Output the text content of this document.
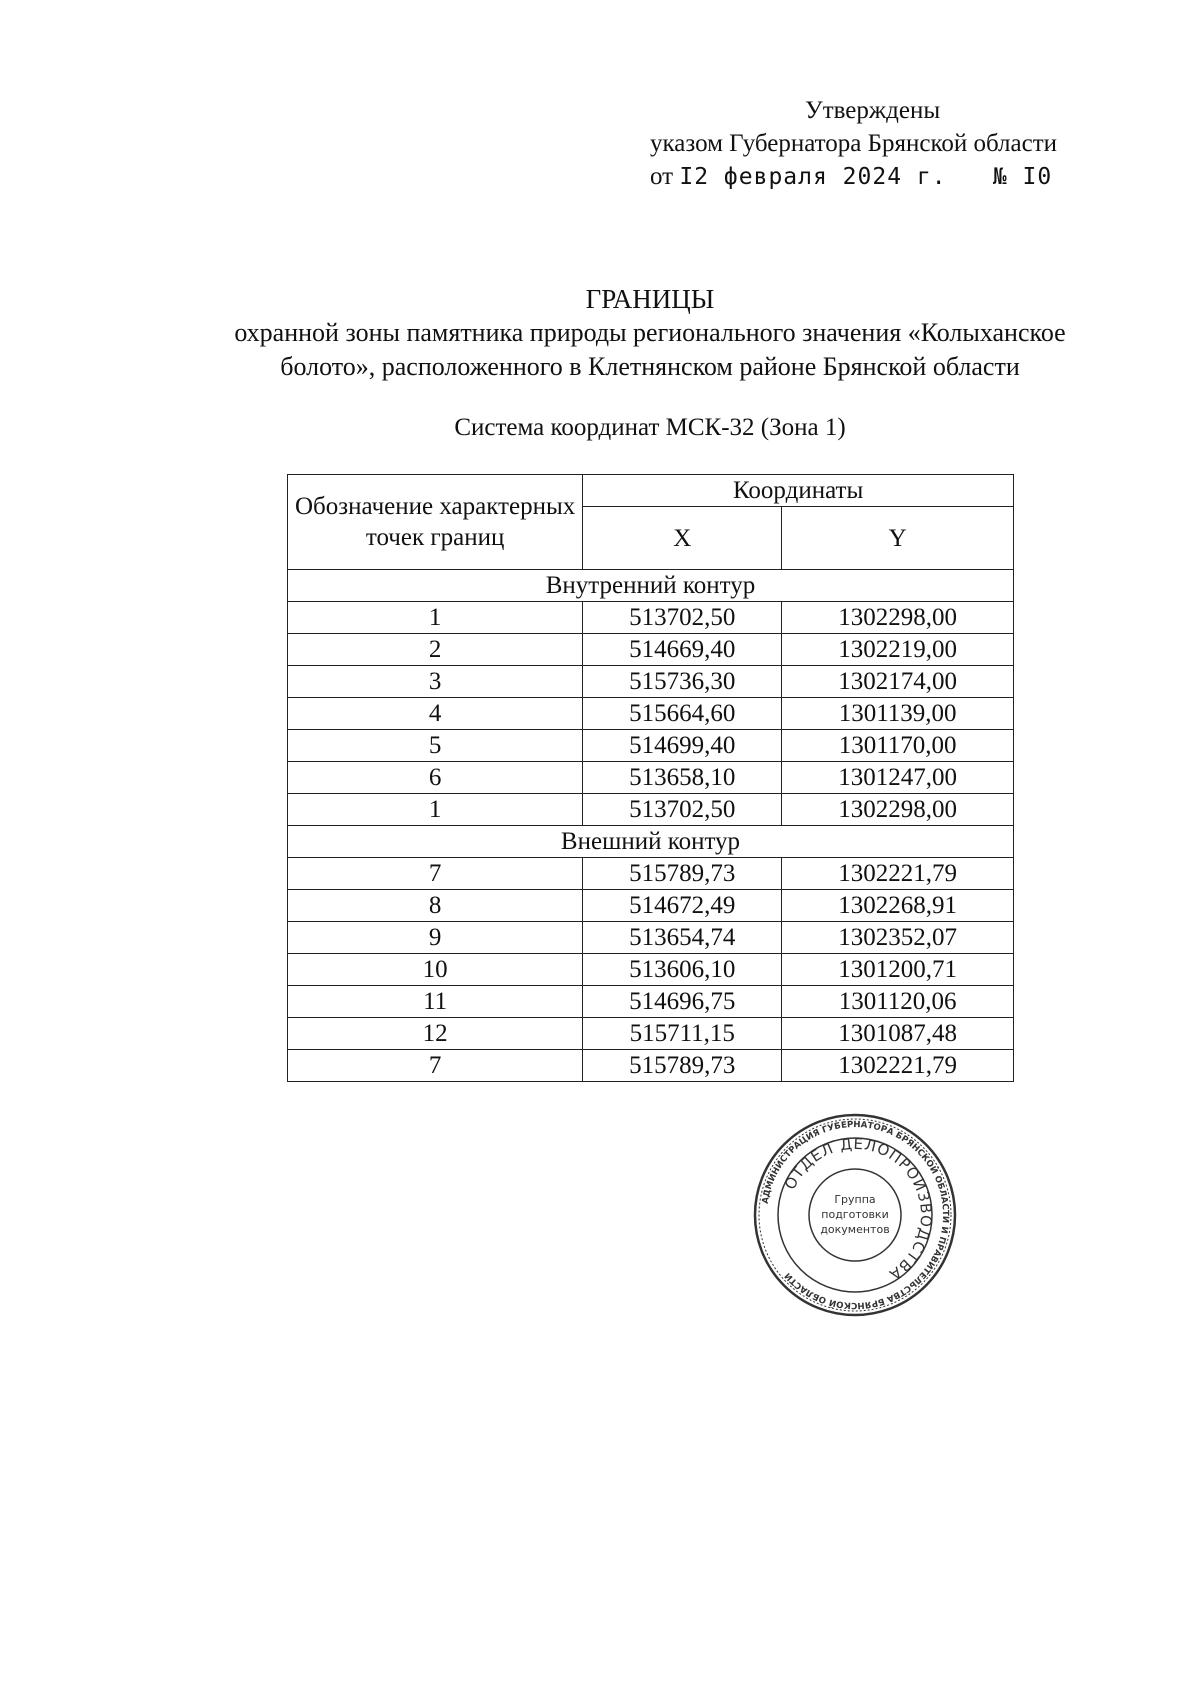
Утверждены
указом Губернатора Брянской области
от I2 февраля 2024 г. № I0
ГРАНИЦЫ
охранной зоны памятника природы регионального значения «Колыханское
болото», расположенного в Клетнянском районе Брянской области
Система координат МСК-32 (Зона 1)
Обозначение характерных точек границ	Координаты	
	X	Y
Внутренний контур		
1	513702,50	1302298,00
2	514669,40	1302219,00
3	515736,30	1302174,00
4	515664,60	1301139,00
5	514699,40	1301170,00
6	513658,10	1301247,00
1	513702,50	1302298,00
Внешний контур		
7	515789,73	1302221,79
8	514672,49	1302268,91
9	513654,74	1302352,07
10	513606,10	1301200,71
11	514696,75	1301120,06
12	515711,15	1301087,48
7	515789,73	1302221,79
АДМИНИСТРАЦИЯ ГУБЕРНАТОРА БРЯНСКОЙ ОБЛАСТИ И ПРАВИТЕЛЬСТВА БРЯНСКОЙ ОБЛАСТИ
ОТДЕЛ ДЕЛОПРОИЗВОДСТВА
Группа
подготовки
документов
